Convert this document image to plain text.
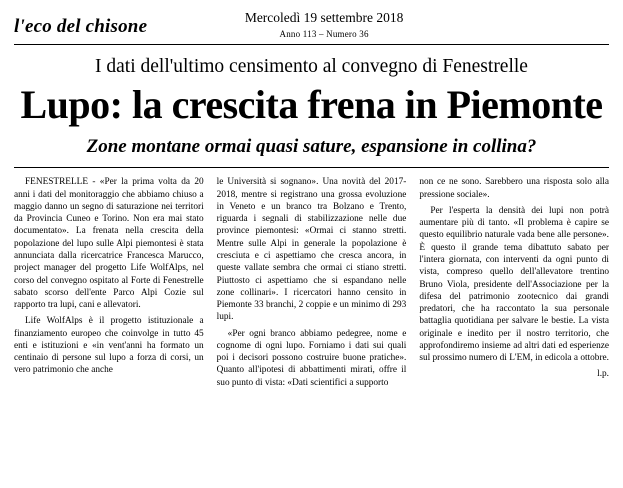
l'eco del chisone	Mercoledì 19 settembre 2018
Anno 113 – Numero 36
I dati dell'ultimo censimento al convegno di Fenestrelle
Lupo: la crescita frena in Piemonte
Zone montane ormai quasi sature, espansione in collina?

FENESTRELLE - «Per la prima volta da 20 anni i dati del monitoraggio che abbiamo chiuso a maggio danno un segno di saturazione nei territori da Provincia Cuneo e Torino. Non era mai stato documentato». La frenata nella crescita della popolazione del lupo sulle Alpi piemontesi è stata annunciata dalla ricercatrice Francesca Marucco, project manager del progetto Life WolfAlps, nel corso del convegno ospitato al Forte di Fenestrelle sabato scorso dell'ente Parco Alpi Cozie sul rapporto tra lupi, cani e allevatori.

Life WolfAlps è il progetto istituzionale a finanziamento europeo che coinvolge in tutto 45 enti e istituzioni e «in vent'anni ha formato un centinaio di persone sul lupo a forza di corsi, un vero patrimonio che anche

le Università si sognano». Una novità del 2017-2018, mentre si registrano una grossa evoluzione in Veneto e un branco tra Bolzano e Trento, riguarda i segnali di stabilizzazione nelle due province piemontesi: «Ormai ci stanno stretti. Mentre sulle Alpi in generale la popolazione è cresciuta e ci aspettiamo che cresca ancora, in queste vallate sembra che ormai ci stiano stretti. Piuttosto ci aspettiamo che si espandano nelle zone collinari». I ricercatori hanno censito in Piemonte 33 branchi, 2 coppie e un minimo di 293 lupi.

«Per ogni branco abbiamo pedegree, nome e cognome di ogni lupo. Forniamo i dati sui quali poi i decisori possono costruire buone pratiche». Quanto all'ipotesi di abbattimenti mirati, offre il suo punto di vista: «Dati scientifici a supporto

non ce ne sono. Sarebbero una risposta solo alla pressione sociale».

Per l'esperta la densità dei lupi non potrà aumentare più di tanto. «Il problema è capire se questo equilibrio naturale vada bene alle persone». È questo il grande tema dibattuto sabato per l'intera giornata, con interventi da ogni punto di vista, compreso quello dell'allevatore trentino Bruno Viola, presidente dell'Associazione per la difesa del patrimonio zootecnico dai grandi predatori, che ha raccontato la sua personale battaglia quotidiana per salvare le bestie. La vista originale e inedito per il nostro territorio, che approfondiremo insieme ad altri dati ed esperienze sul prossimo numero di L'EM, in edicola a ottobre.

l.p.
